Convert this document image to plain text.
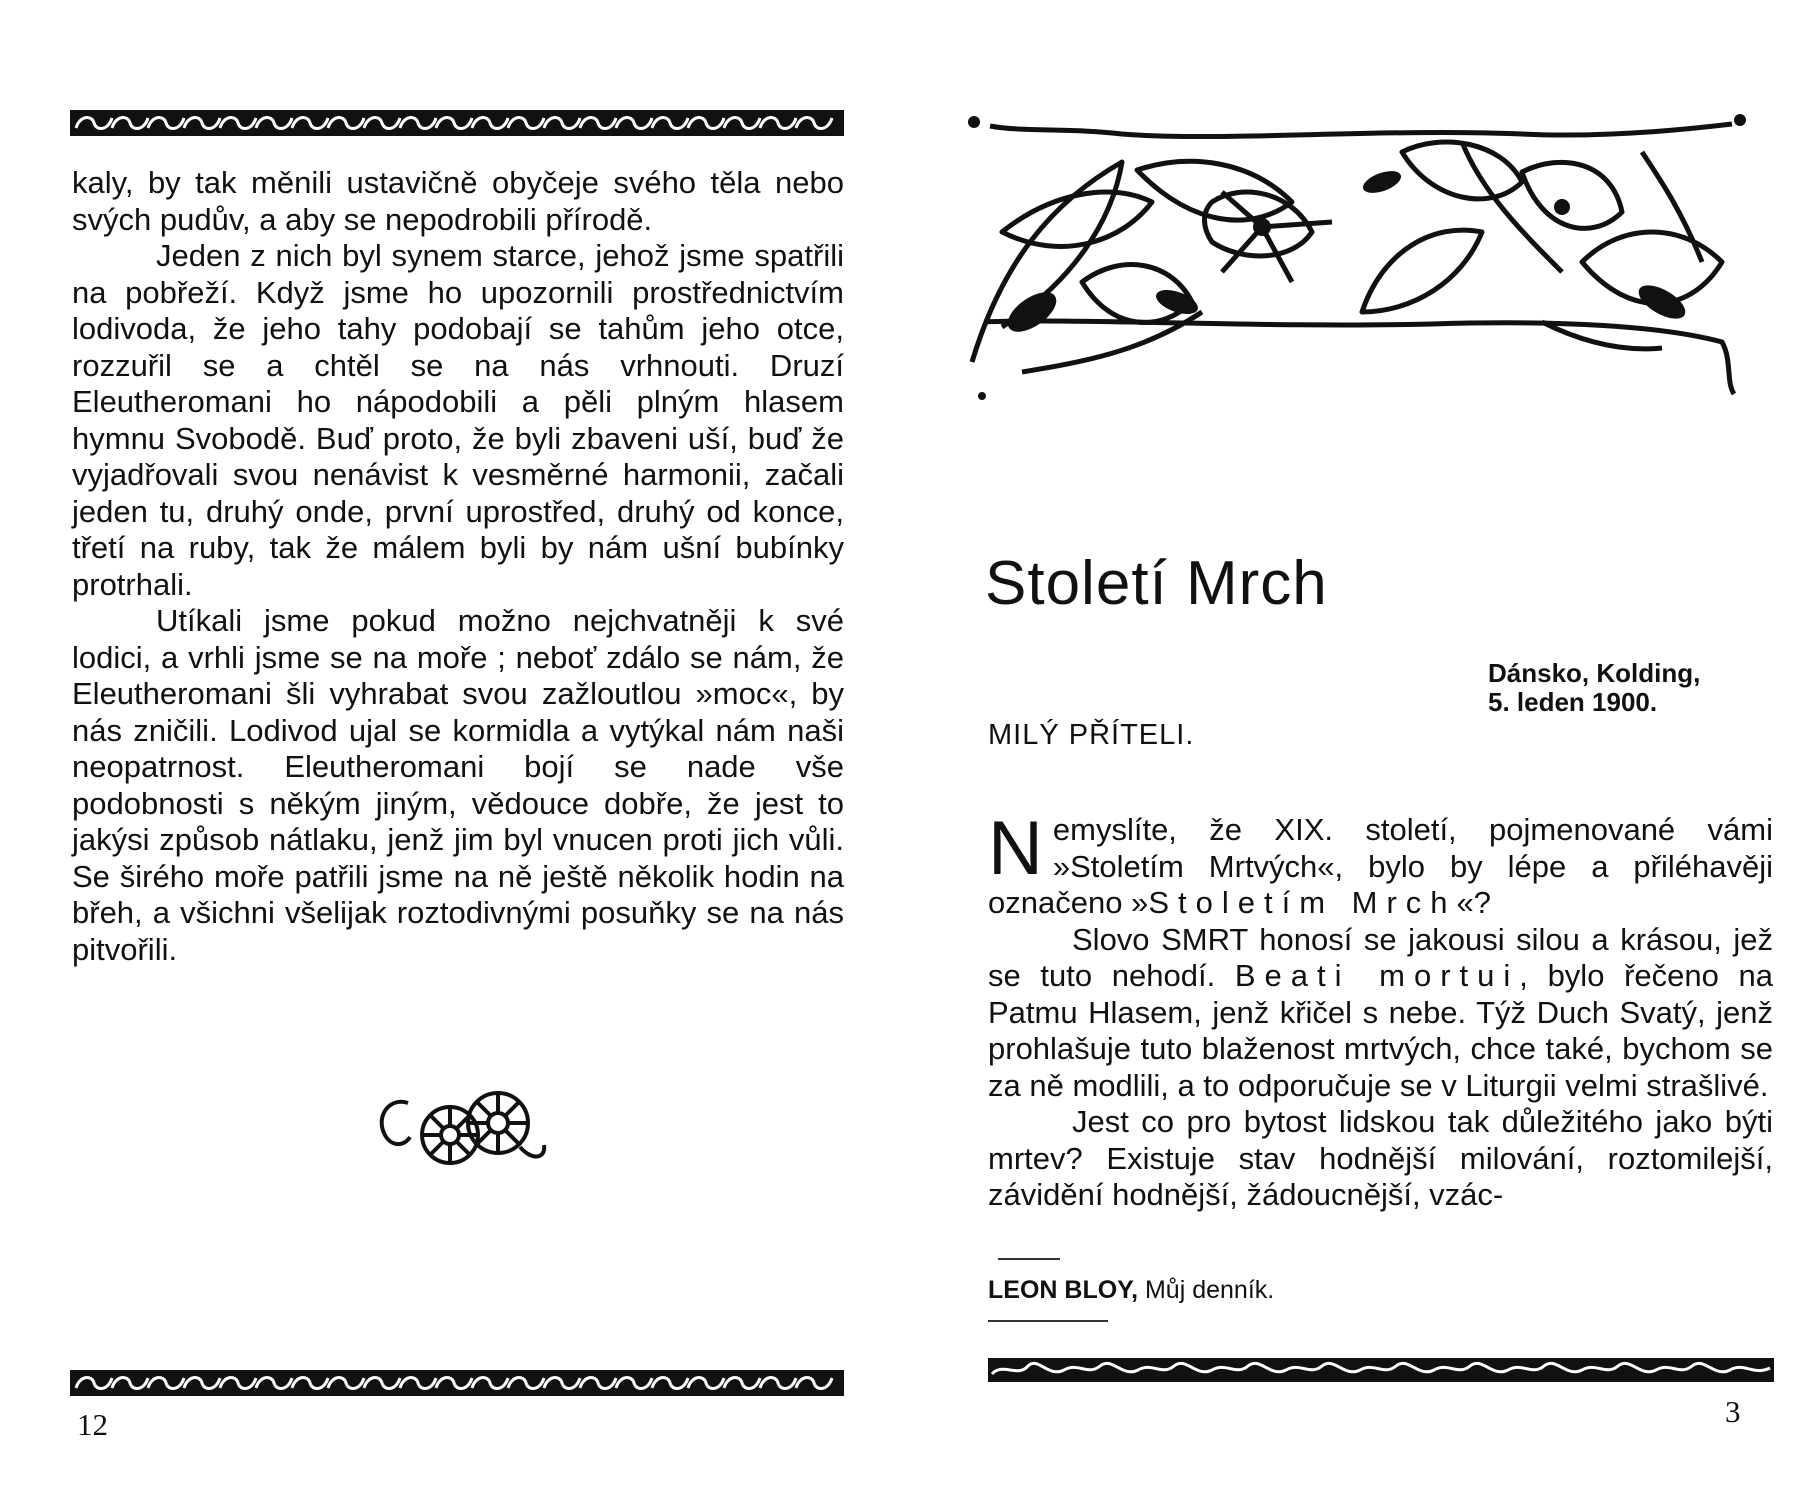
kaly, by tak měnili ustavičně obyčeje svého těla nebo svých pudův, a aby se nepodrobili přírodě.

Jeden z nich byl synem starce, jehož jsme spatřili na pobřeží. Když jsme ho upozornili prostřednictvím lodivoda, že jeho tahy podobají se tahům jeho otce, rozzuřil se a chtěl se na nás vrhnouti. Druzí Eleutheromani ho nápodobili a pěli plným hlasem hymnu Svobodě. Buď proto, že byli zbaveni uší, buď že vyjadřovali svou nenávist k vesměrné harmonii, začali jeden tu, druhý onde, první uprostřed, druhý od konce, třetí na ruby, tak že málem byli by nám ušní bubínky protrhali.

Utíkali jsme pokud možno nejchvatněji k své lodici, a vrhli jsme se na moře ; neboť zdálo se nám, že Eleutheromani šli vyhrabat svou zažloutlou »moc«, by nás zničili. Lodivod ujal se kormidla a vytýkal nám naši neopatrnost. Eleutheromani bojí se nade vše podobnosti s někým jiným, vědouce dobře, že jest to jakýsi způsob nátlaku, jenž jim byl vnucen proti jich vůli. Se širého moře patřili jsme na ně ještě několik hodin na břeh, a všichni všelijak roztodivnými posuňky se na nás pitvořili.

12
Století Mrch
Dánsko, Kolding,
5. leden 1900.
MILÝ PŘÍTELI.

Nemyslíte, že XIX. století, pojmenované vámi »Stoletím Mrtvých«, bylo by lépe a přiléhavěji označeno »Stoletím Mrch«?

Slovo SMRT honosí se jakousi silou a krásou, jež se tuto nehodí. Beati mortui, bylo řečeno na Patmu Hlasem, jenž křičel s nebe. Týž Duch Svatý, jenž prohlašuje tuto blaženost mrtvých, chce také, bychom se za ně modlili, a to odporučuje se v Liturgii velmi strašlivé.

Jest co pro bytost lidskou tak důležitého jako býti mrtev? Existuje stav hodnější milování, roztomilejší, závidění hodnější, žádoucnější, vzác-

LEON BLOY, Můj denník.
3
